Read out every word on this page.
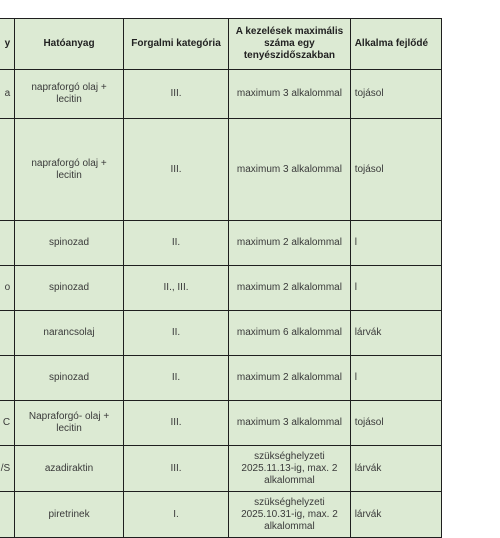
y	Hatóanyag	Forgalmi kategória	A kezelések maximális száma egy tenyészidőszakban	Alkalma fejlődé
a	napraforgó olaj + lecitin	III.	maximum 3 alkalommal	tojásol
	napraforgó olaj + lecitin	III.	maximum 3 alkalommal	tojásol
	spinozad	II.	maximum 2 alkalommal	l
o	spinozad	II., III.	maximum 2 alkalommal	l
	narancsolaj	II.	maximum 6 alkalommal	lárvák
	spinozad	II.	maximum 2 alkalommal	l
C	Napraforgó- olaj + lecitin	III.	maximum 3 alkalommal	tojásol
/S	azadiraktin	III.	szükséghelyzeti 2025.11.13-ig, max. 2 alkalommal	lárvák
	piretrinek	I.	szükséghelyzeti 2025.10.31-ig, max. 2 alkalommal	lárvák
